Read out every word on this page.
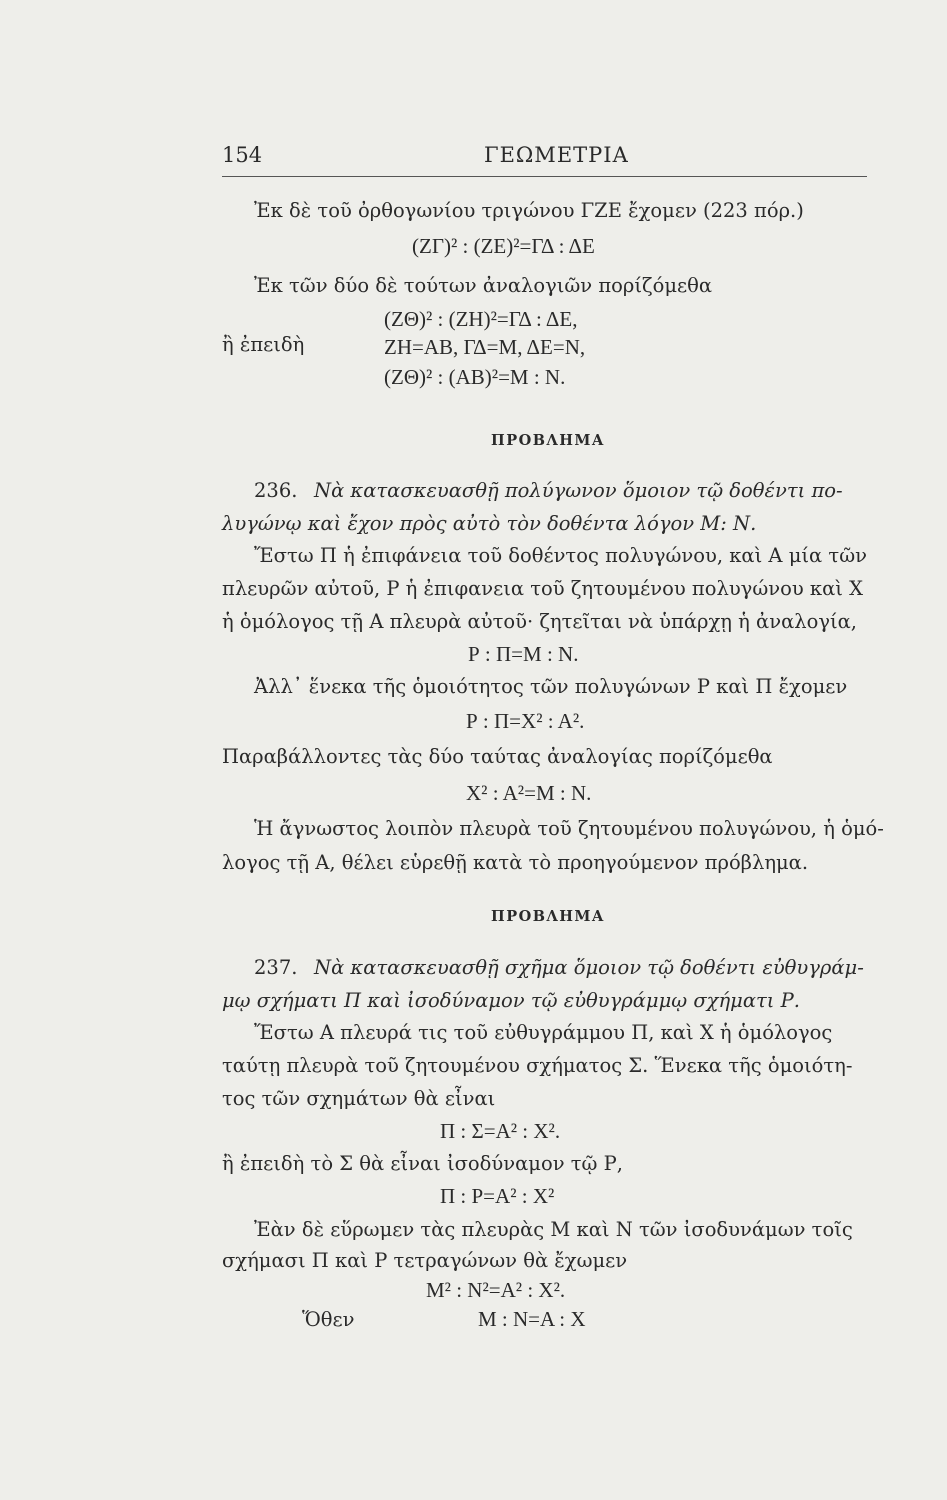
154	ΓΕΩΜΕΤΡΙΑ
Ἐκ δὲ τοῦ ὀρθογωνίου τριγώνου ΓΖΕ ἔχομεν (223 πόρ.)
(ΖΓ)² : (ΖΕ)²=ΓΔ : ΔΕ
Ἐκ τῶν δύο δὲ τούτων ἀναλογιῶν πορίζόμεθα
(ΖΘ)² : (ΖΗ)²=ΓΔ : ΔΕ,
ἢ ἐπειδὴ	ΖΗ=ΑΒ, ΓΔ=Μ, ΔΕ=Ν,
(ΖΘ)² : (ΑΒ)²=Μ : Ν.
ΠΡΟΒΛΗΜΑ
236. Νὰ κατασκευασθῇ πολύγωνον ὅμοιον τῷ δοθέντι πο-
λυγώνῳ καὶ ἔχον πρὸς αὐτὸ τὸν δοθέντα λόγον Μ: Ν.
Ἔστω Π ἡ ἐπιφάνεια τοῦ δοθέντος πολυγώνου, καὶ Α μία τῶν
πλευρῶν αὐτοῦ, Ρ ἡ ἐπιφανεια τοῦ ζητουμένου πολυγώνου καὶ Χ
ἡ ὁμόλογος τῇ Α πλευρὰ αὐτοῦ· ζητεῖται νὰ ὑπάρχῃ ἡ ἀναλογία,
Ρ : Π=Μ : Ν.
Ἀλλ᾽ ἕνεκα τῆς ὁμοιότητος τῶν πολυγώνων Ρ καὶ Π ἔχομεν
Ρ : Π=Χ² : Α².
Παραβάλλοντες τὰς δύο ταύτας ἀναλογίας πορίζόμεθα
Χ² : Α²=Μ : Ν.
Ἡ ἄγνωστος λοιπὸν πλευρὰ τοῦ ζητουμένου πολυγώνου, ἡ ὁμό-
λογος τῇ Α, θέλει εὑρεθῇ κατὰ τὸ προηγούμενον πρόβλημα.
ΠΡΟΒΛΗΜΑ
237. Νὰ κατασκευασθῇ σχῆμα ὅμοιον τῷ δοθέντι εὐθυγράμ-
μῳ σχήματι Π καὶ ἰσοδύναμον τῷ εὐθυγράμμῳ σχήματι Ρ.
Ἔστω Α πλευρά τις τοῦ εὐθυγράμμου Π, καὶ Χ ἡ ὁμόλογος
ταύτῃ πλευρὰ τοῦ ζητουμένου σχήματος Σ. Ἕνεκα τῆς ὁμοιότη-
τος τῶν σχημάτων θὰ εἶναι
Π : Σ=Α² : Χ².
ἢ ἐπειδὴ τὸ Σ θὰ εἶναι ἰσοδύναμον τῷ Ρ,
Π : Ρ=Α² : Χ²
Ἐὰν δὲ εὕρωμεν τὰς πλευρὰς Μ καὶ Ν τῶν ἰσοδυνάμων τοῖς
σχήμασι Π καὶ Ρ τετραγώνων θὰ ἔχωμεν
Μ² : Ν²=Α² : Χ².
Ὅθεν	Μ : Ν=Α : Χ
